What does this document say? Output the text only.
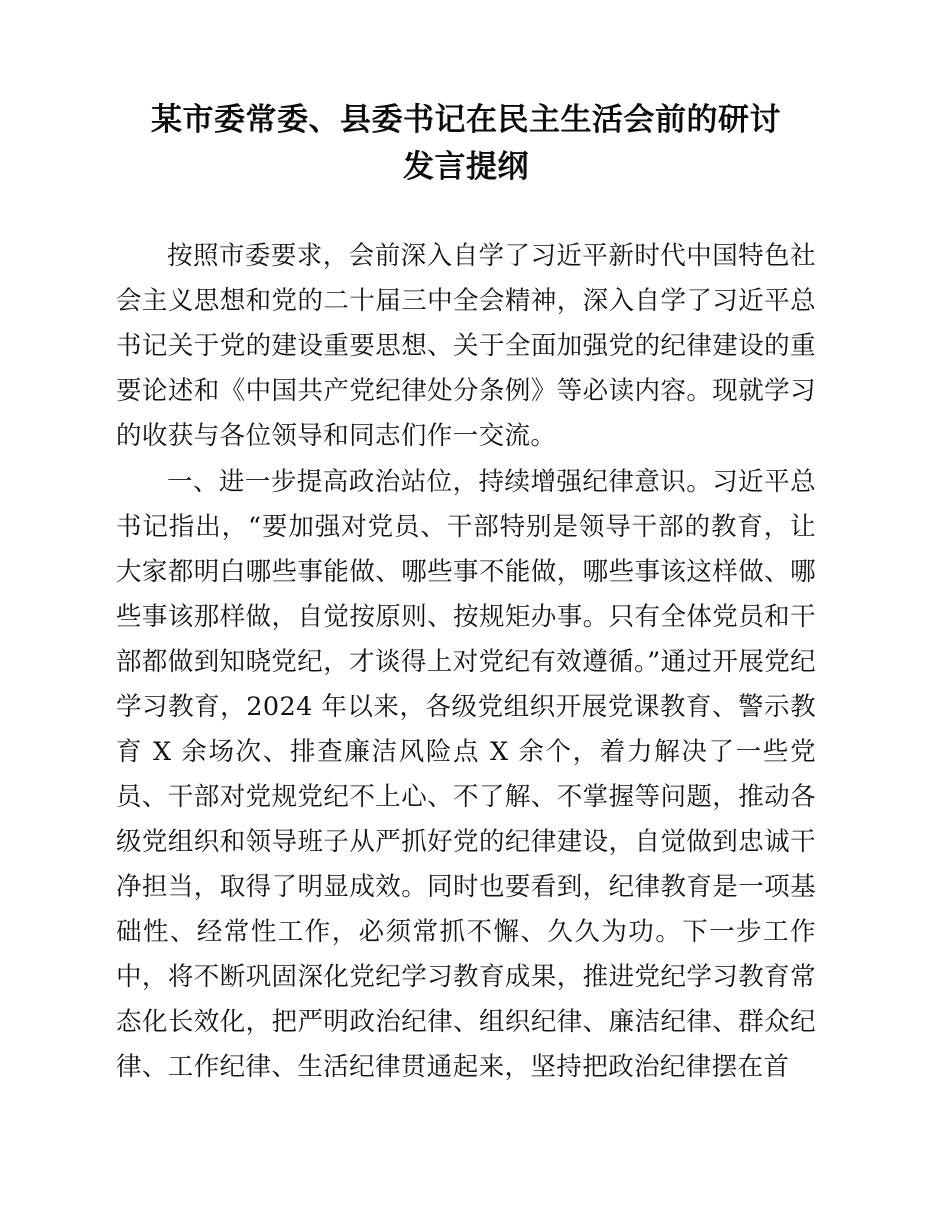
某市委常委、县委书记在民主生活会前的研讨
发言提纲

按照市委要求，会前深入自学了习近平新时代中国特色社会主义思想和党的二十届三中全会精神，深入自学了习近平总书记关于党的建设重要思想、关于全面加强党的纪律建设的重要论述和《中国共产党纪律处分条例》等必读内容。现就学习的收获与各位领导和同志们作一交流。

一、进一步提高政治站位，持续增强纪律意识。习近平总书记指出，“要加强对党员、干部特别是领导干部的教育，让大家都明白哪些事能做、哪些事不能做，哪些事该这样做、哪些事该那样做，自觉按原则、按规矩办事。只有全体党员和干部都做到知晓党纪，才谈得上对党纪有效遵循。”通过开展党纪学习教育，2024 年以来，各级党组织开展党课教育、警示教育 X 余场次、排查廉洁风险点 X 余个，着力解决了一些党员、干部对党规党纪不上心、不了解、不掌握等问题，推动各级党组织和领导班子从严抓好党的纪律建设，自觉做到忠诚干净担当，取得了明显成效。同时也要看到，纪律教育是一项基础性、经常性工作，必须常抓不懈、久久为功。下一步工作中，将不断巩固深化党纪学习教育成果，推进党纪学习教育常态化长效化，把严明政治纪律、组织纪律、廉洁纪律、群众纪律、工作纪律、生活纪律贯通起来，坚持把政治纪律摆在首
